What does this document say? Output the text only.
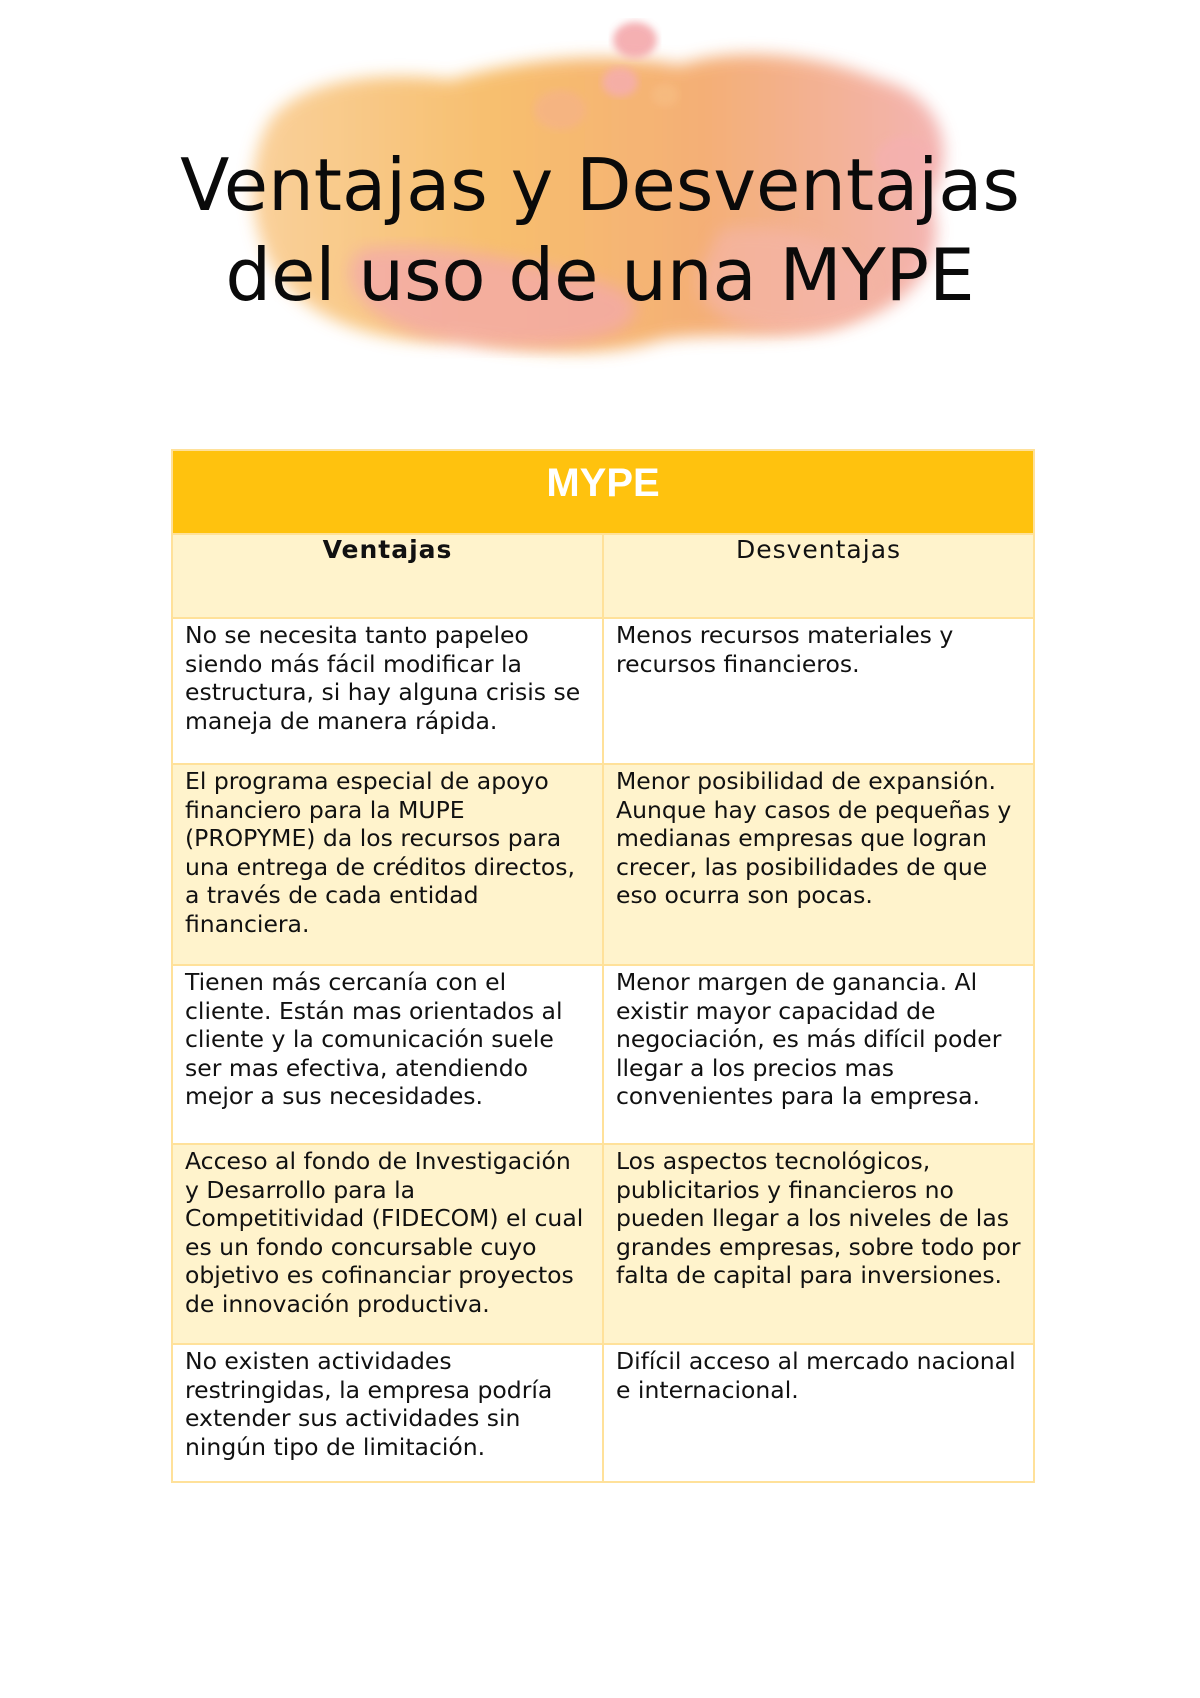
Ventajas y Desventajas
del uso de una MYPE
MYPE	
Ventajas	Desventajas
No se necesita tanto papeleo siendo más fácil modificar la estructura, si hay alguna crisis se maneja de manera rápida.	Menos recursos materiales y recursos financieros.
El programa especial de apoyo financiero para la MUPE (PROPYME) da los recursos para una entrega de créditos directos, a través de cada entidad financiera.	Menor posibilidad de expansión. Aunque hay casos de pequeñas y medianas empresas que logran crecer, las posibilidades de que eso ocurra son pocas.
Tienen más cercanía con el cliente. Están mas orientados al cliente y la comunicación suele ser mas efectiva, atendiendo mejor a sus necesidades.	Menor margen de ganancia. Al existir mayor capacidad de negociación, es más difícil poder llegar a los precios mas convenientes para la empresa.
Acceso al fondo de Investigación y Desarrollo para la Competitividad (FIDECOM) el cual es un fondo concursable cuyo objetivo es cofinanciar proyectos de innovación productiva.	Los aspectos tecnológicos, publicitarios y financieros no pueden llegar a los niveles de las grandes empresas, sobre todo por falta de capital para inversiones.
No existen actividades restringidas, la empresa podría extender sus actividades sin ningún tipo de limitación.	Difícil acceso al mercado nacional e internacional.
